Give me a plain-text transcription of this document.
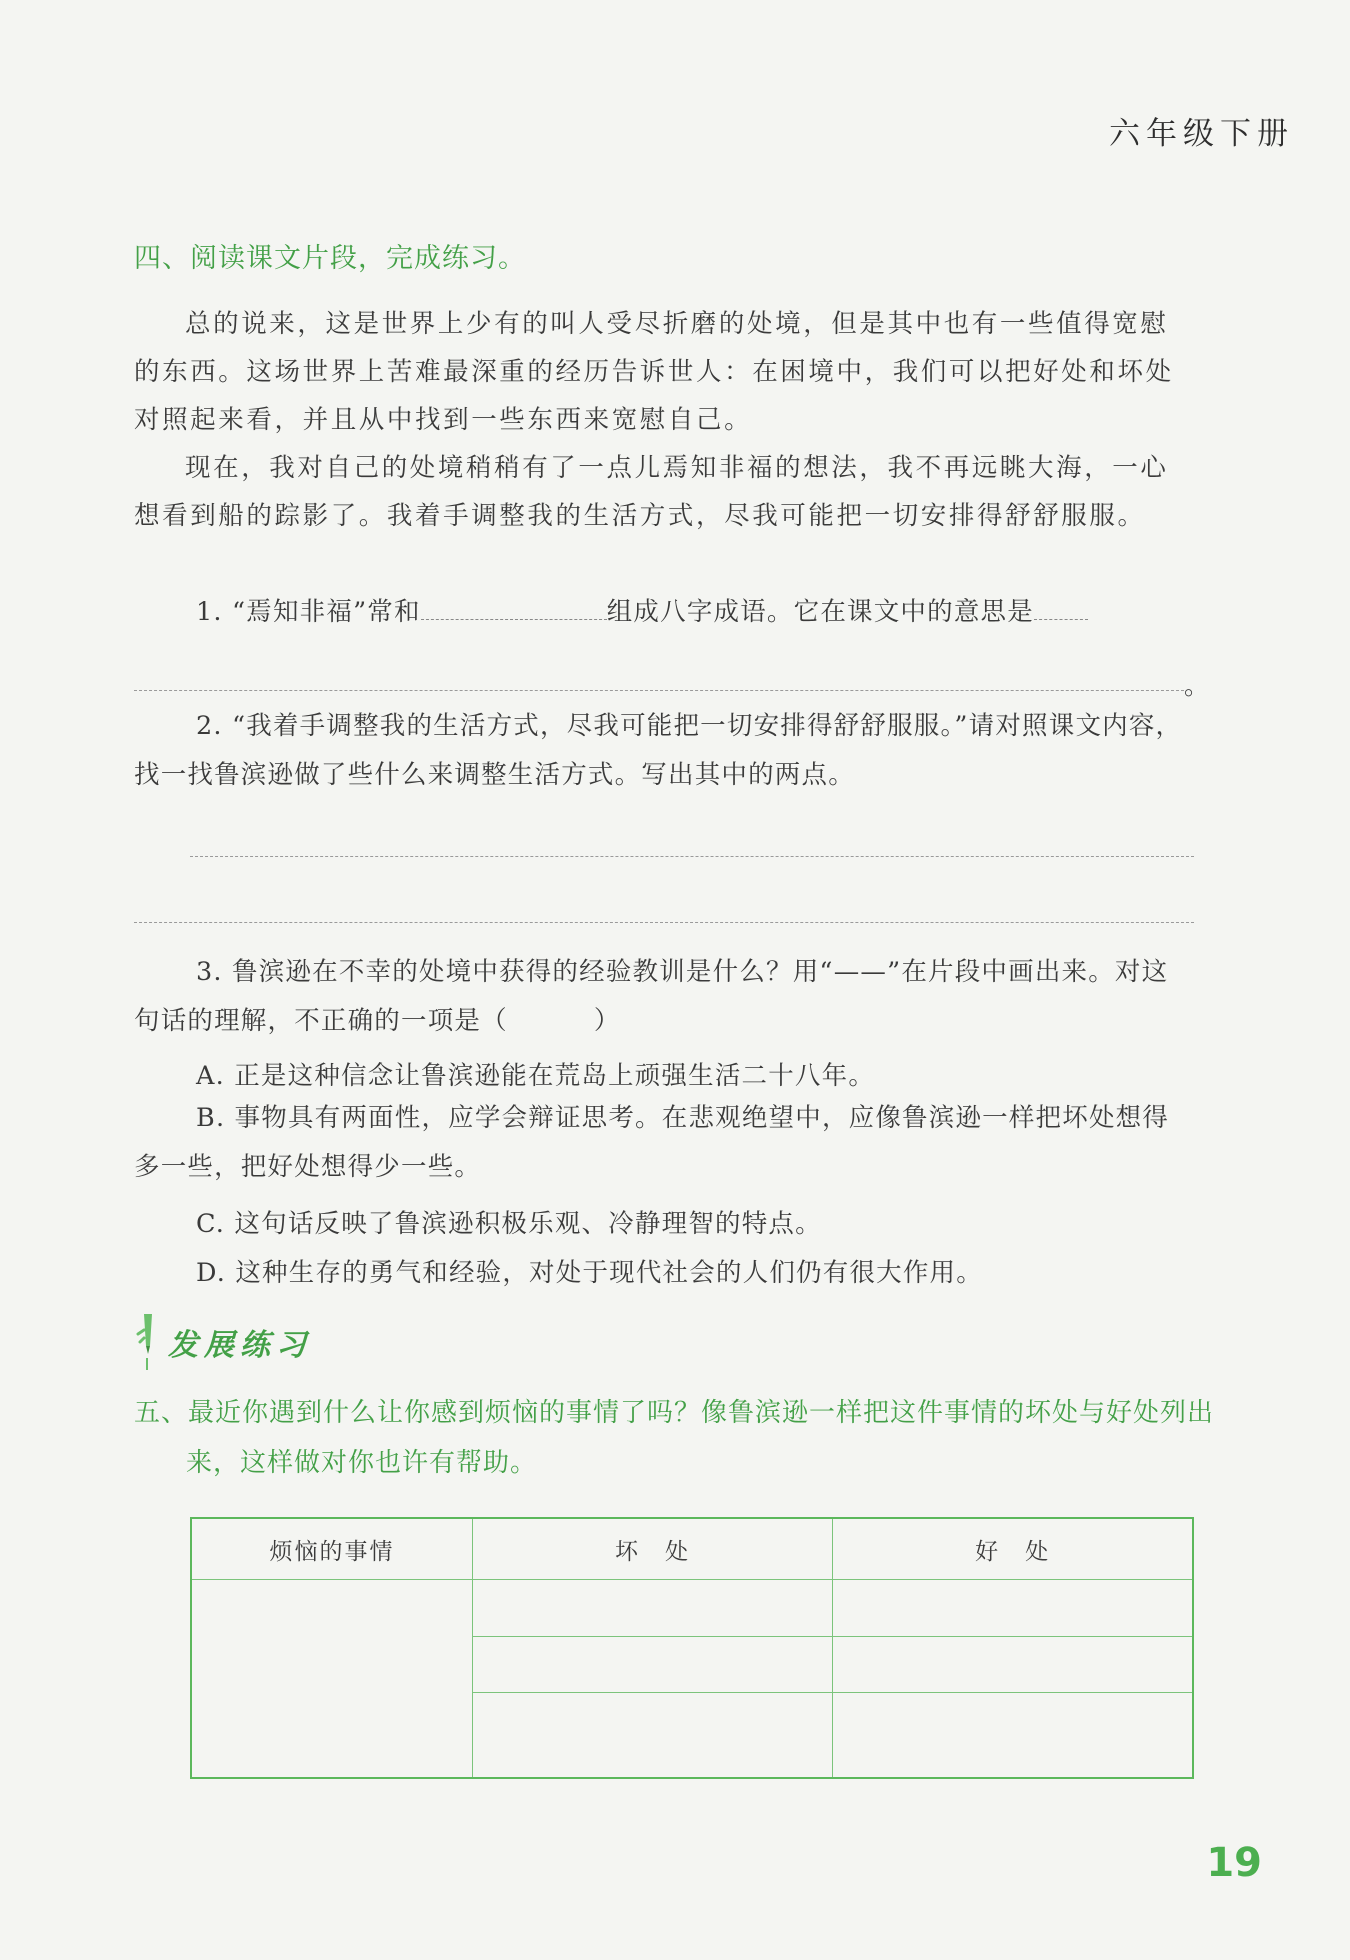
六年级下册
四、阅读课文片段，完成练习。

总的说来，这是世界上少有的叫人受尽折磨的处境，但是其中也有一些值得宽慰的东西。这场世界上苦难最深重的经历告诉世人：在困境中，我们可以把好处和坏处对照起来看，并且从中找到一些东西来宽慰自己。

现在，我对自己的处境稍稍有了一点儿焉知非福的想法，我不再远眺大海，一心想看到船的踪影了。我着手调整我的生活方式，尽我可能把一切安排得舒舒服服。

1. “焉知非福”常和	组成八字成语。它在课文中的意思是
。

2. “我着手调整我的生活方式，尽我可能把一切安排得舒舒服服。”请对照课文内容，找一找鲁滨逊做了些什么来调整生活方式。写出其中的两点。

3. 鲁滨逊在不幸的处境中获得的经验教训是什么？用“——”在片段中画出来。对这句话的理解，不正确的一项是（	）

A. 正是这种信念让鲁滨逊能在荒岛上顽强生活二十八年。

B. 事物具有两面性，应学会辩证思考。在悲观绝望中，应像鲁滨逊一样把坏处想得多一些，把好处想得少一些。

C. 这句话反映了鲁滨逊积极乐观、冷静理智的特点。

D. 这种生存的勇气和经验，对处于现代社会的人们仍有很大作用。

发展练习

五、最近你遇到什么让你感到烦恼的事情了吗？像鲁滨逊一样把这件事情的坏处与好处列出来，这样做对你也许有帮助。

烦恼的事情	坏　处	好　处

19
